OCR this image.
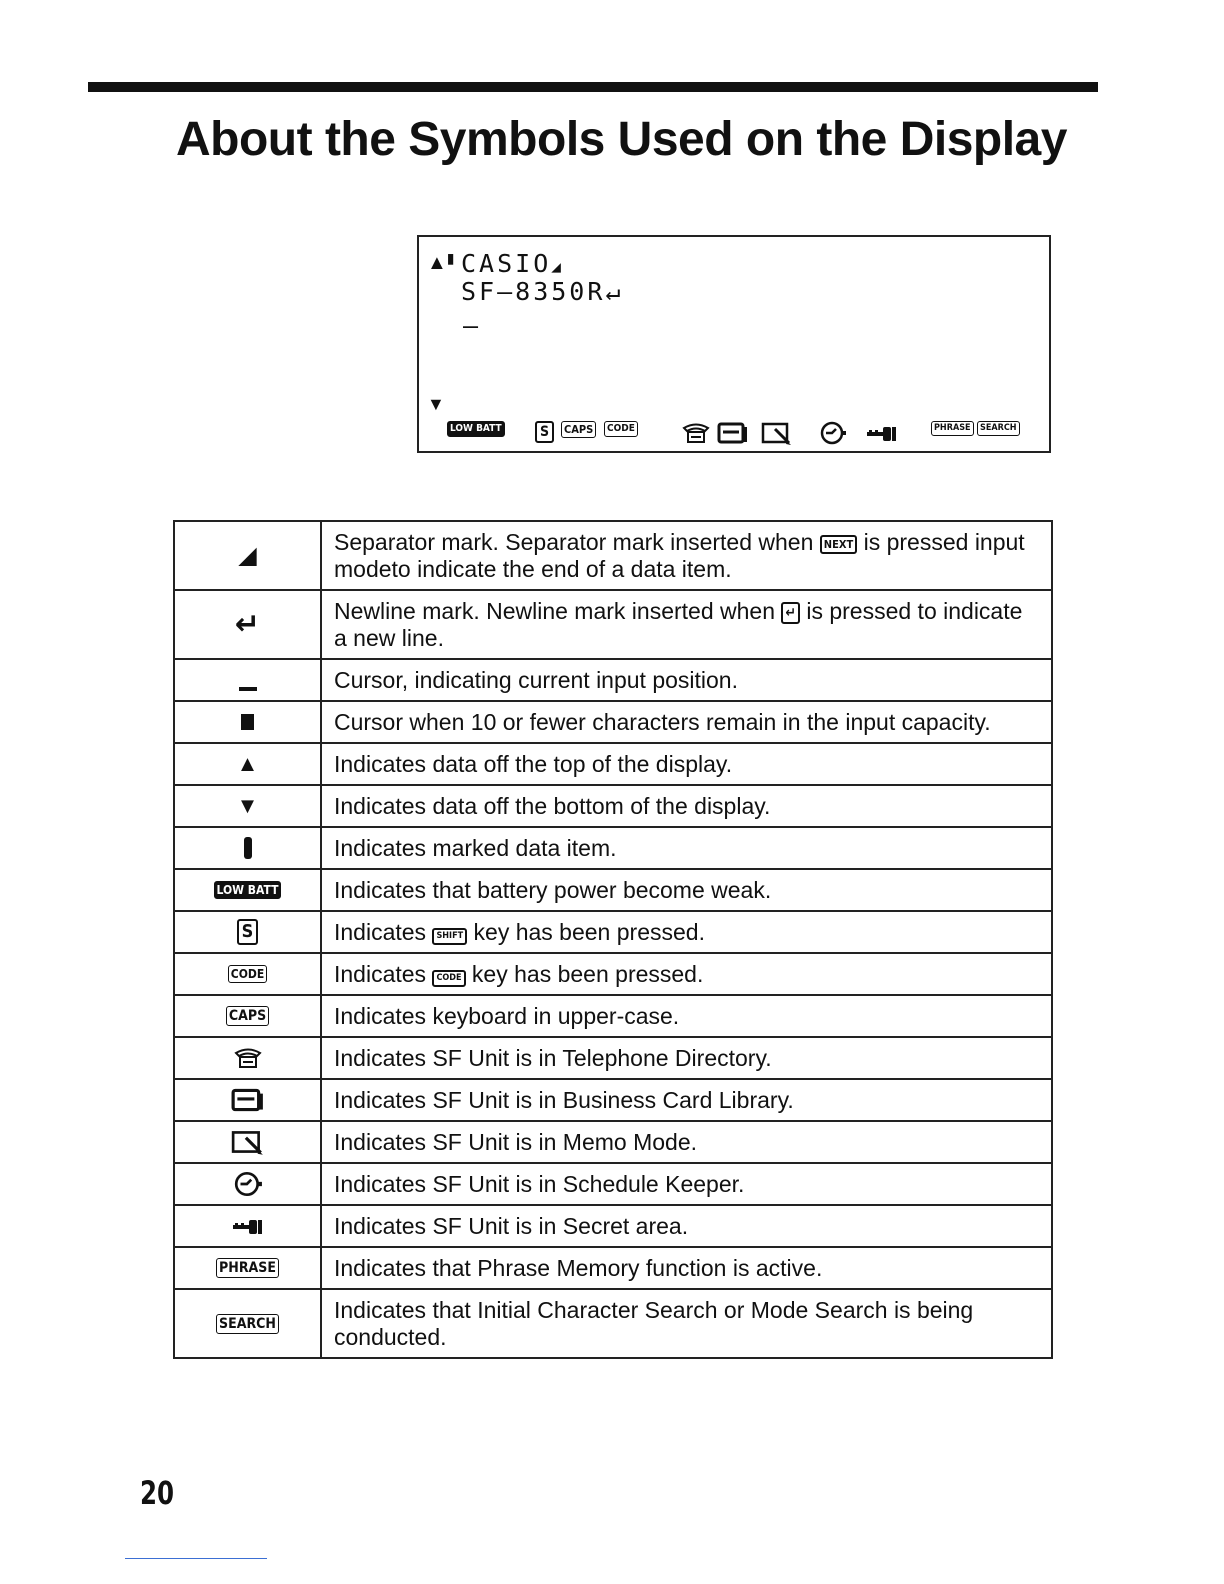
About the Symbols Used on the Display
▲▮ CASIO◢
SF–8350R↵
–
▼
LOW BATT	S	CAPS	CODE	PHRASE	SEARCH
◢	Separator mark. Separator mark inserted when NEXT is pressed input modeto indicate the end of a data item.
↵	Newline mark. Newline mark inserted when ↵ is pressed to indicate a new line.
	Cursor, indicating current input position.
	Cursor when 10 or fewer characters remain in the input capacity.
▲	Indicates data off the top of the display.
▼	Indicates data off the bottom of the display.
	Indicates marked data item.
LOW BATT	Indicates that battery power become weak.
S	Indicates SHIFT key has been pressed.
CODE	Indicates CODE key has been pressed.
CAPS	Indicates keyboard in upper-case.
	Indicates SF Unit is in Telephone Directory.
	Indicates SF Unit is in Business Card Library.
	Indicates SF Unit is in Memo Mode.
	Indicates SF Unit is in Schedule Keeper.
	Indicates SF Unit is in Secret area.
PHRASE	Indicates that Phrase Memory function is active.
SEARCH	Indicates that Initial Character Search or Mode Search is being conducted.
20
